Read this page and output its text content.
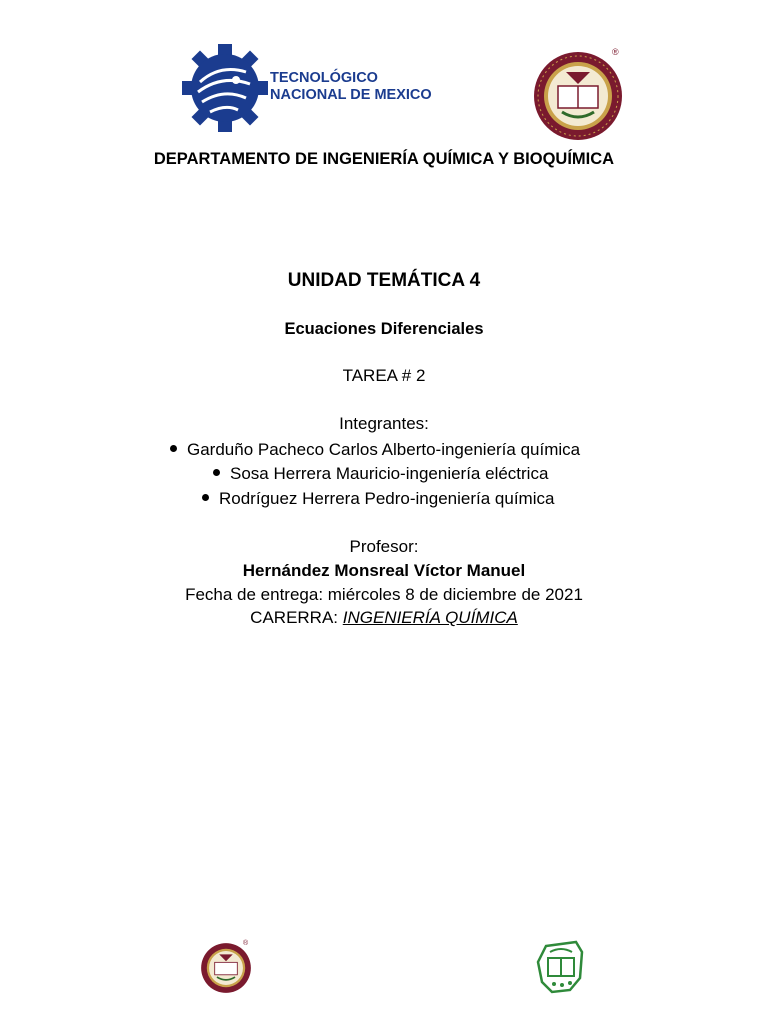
TECNOLÓGICO
NACIONAL DE MEXICO
®
DEPARTAMENTO DE INGENIERÍA QUÍMICA Y BIOQUÍMICA
UNIDAD TEMÁTICA 4
Ecuaciones Diferenciales
TAREA # 2
Integrantes:
Garduño Pacheco Carlos Alberto-ingeniería química
Sosa Herrera Mauricio-ingeniería eléctrica
Rodríguez Herrera Pedro-ingeniería química
Profesor:
Hernández Monsreal Víctor Manuel
Fecha de entrega: miércoles 8 de diciembre de 2021
CARERRA: INGENIERÍA QUÍMICA
®
